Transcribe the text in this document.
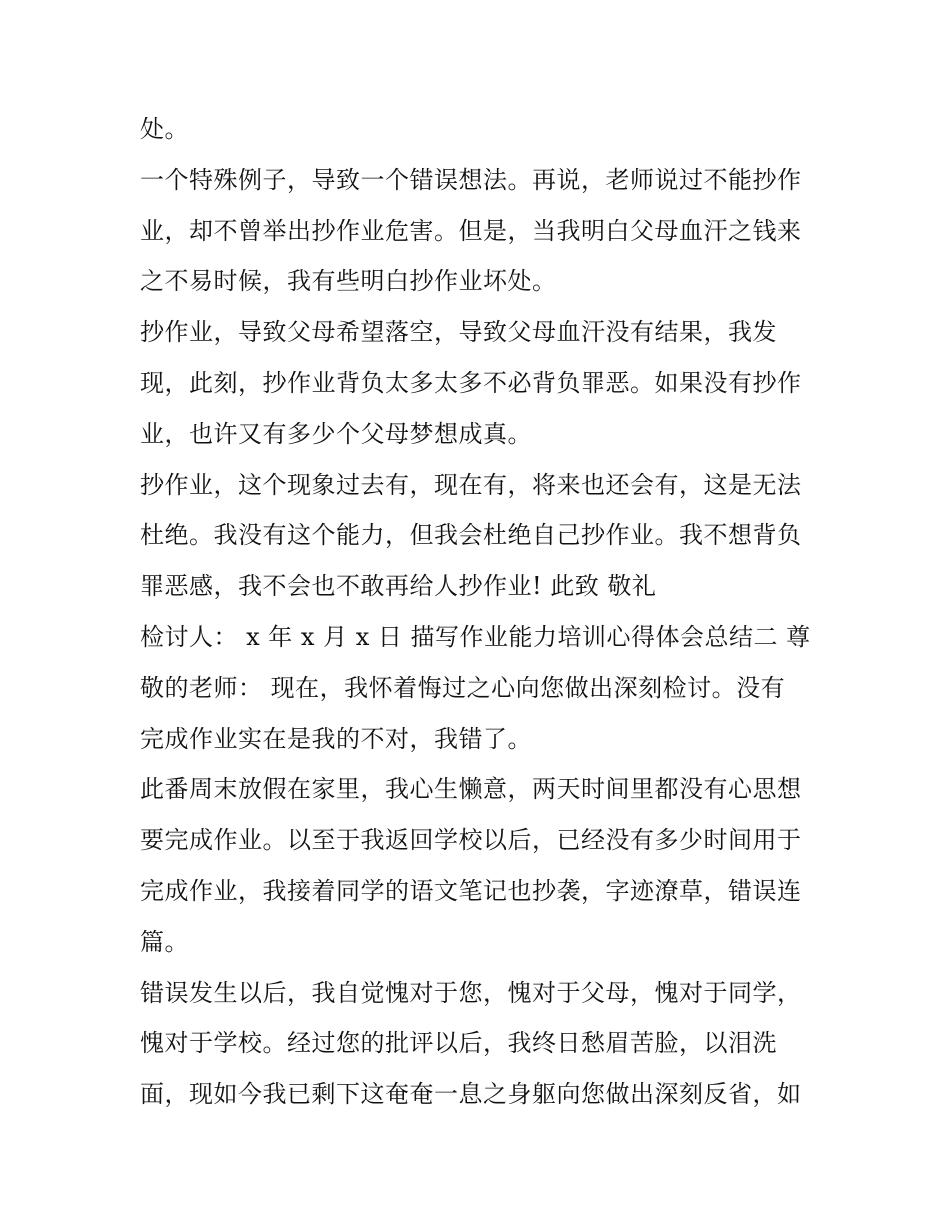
处。
一个特殊例子，导致一个错误想法。再说，老师说过不能抄作
业，却不曾举出抄作业危害。但是，当我明白父母血汗之钱来
之不易时候，我有些明白抄作业坏处。
抄作业，导致父母希望落空，导致父母血汗没有结果，我发
现，此刻，抄作业背负太多太多不必背负罪恶。如果没有抄作
业，也许又有多少个父母梦想成真。
抄作业，这个现象过去有，现在有，将来也还会有，这是无法
杜绝。我没有这个能力，但我会杜绝自己抄作业。我不想背负
罪恶感，我不会也不敢再给人抄作业! 此致 敬礼
检讨人： x 年 x 月 x 日 描写作业能力培训心得体会总结二 尊
敬的老师： 现在，我怀着悔过之心向您做出深刻检讨。没有
完成作业实在是我的不对，我错了。
此番周末放假在家里，我心生懒意，两天时间里都没有心思想
要完成作业。以至于我返回学校以后，已经没有多少时间用于
完成作业，我接着同学的语文笔记也抄袭，字迹潦草，错误连
篇。
错误发生以后，我自觉愧对于您，愧对于父母，愧对于同学，
愧对于学校。经过您的批评以后，我终日愁眉苦脸，以泪洗
面，现如今我已剩下这奄奄一息之身躯向您做出深刻反省，如
